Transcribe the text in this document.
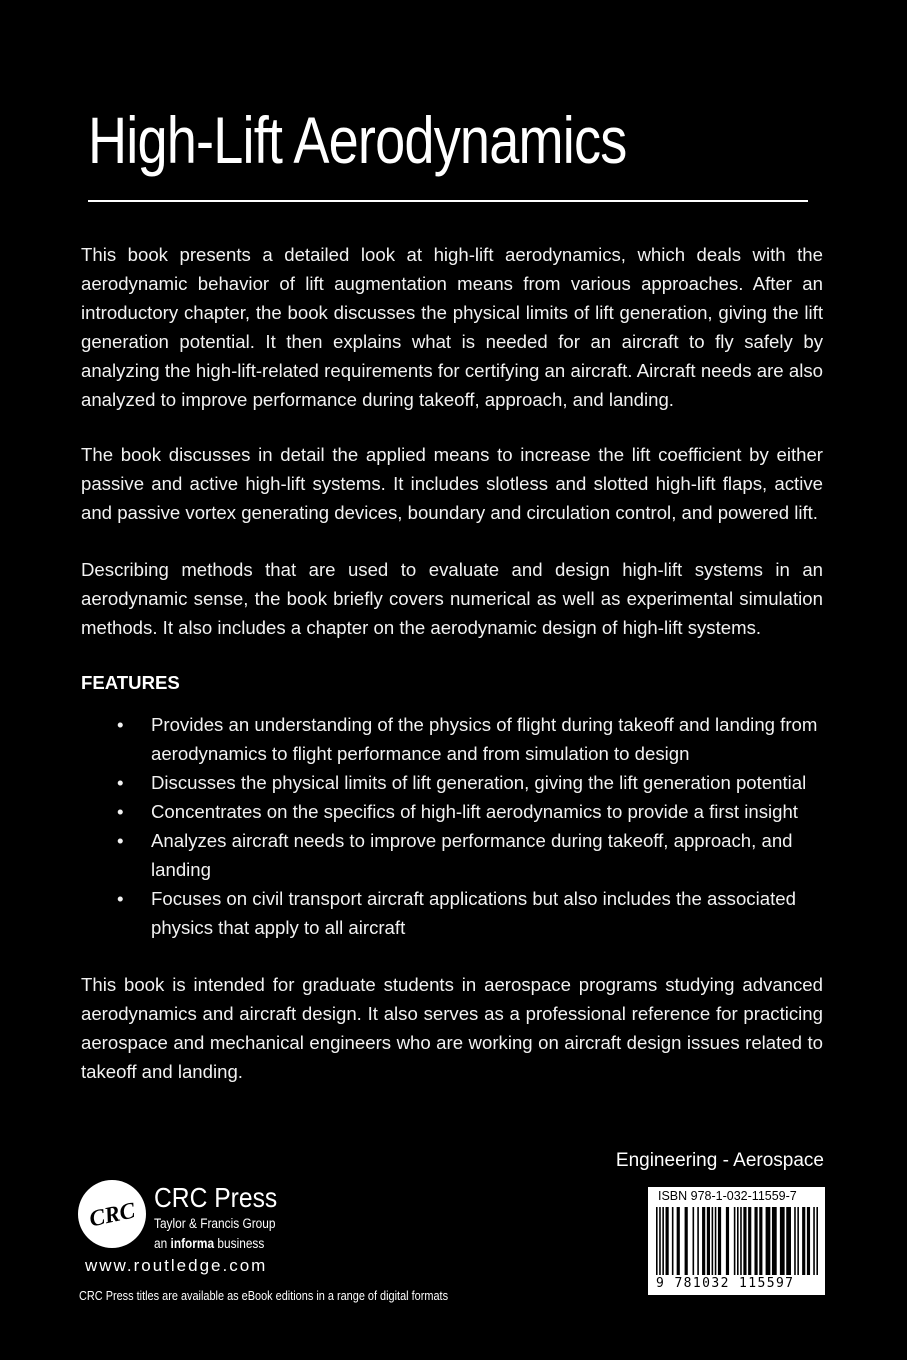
High-Lift Aerodynamics

This book presents a detailed look at high-lift aerodynamics, which deals with the aerodynamic behavior of lift augmentation means from various approaches. After an introductory chapter, the book discusses the physical limits of lift generation, giving the lift generation potential. It then explains what is needed for an aircraft to fly safely by analyzing the high-lift-related requirements for certifying an aircraft. Aircraft needs are also analyzed to improve performance during takeoff, approach, and landing.

The book discusses in detail the applied means to increase the lift coefficient by either passive and active high-lift systems. It includes slotless and slotted high-lift flaps, active and passive vortex generating devices, boundary and circulation control, and powered lift.

Describing methods that are used to evaluate and design high-lift systems in an aerodynamic sense, the book briefly covers numerical as well as experimental simulation methods. It also includes a chapter on the aerodynamic design of high-lift systems.

FEATURES
• Provides an understanding of the physics of flight during takeoff and landing from aerodynamics to flight performance and from simulation to design
• Discusses the physical limits of lift generation, giving the lift generation potential
• Concentrates on the specifics of high-lift aerodynamics to provide a first insight
• Analyzes aircraft needs to improve performance during takeoff, approach, and landing
• Focuses on civil transport aircraft applications but also includes the associated physics that apply to all aircraft

This book is intended for graduate students in aerospace programs studying advanced aerodynamics and aircraft design. It also serves as a professional reference for practicing aerospace and mechanical engineers who are working on aircraft design issues related to takeoff and landing.

Engineering - Aerospace

CRC CRC Press

Taylor & Francis Group

an informa business

www.routledge.com

CRC Press titles are available as eBook editions in a range of digital formats

ISBN 978-1-032-11559-7

9 781032 115597
